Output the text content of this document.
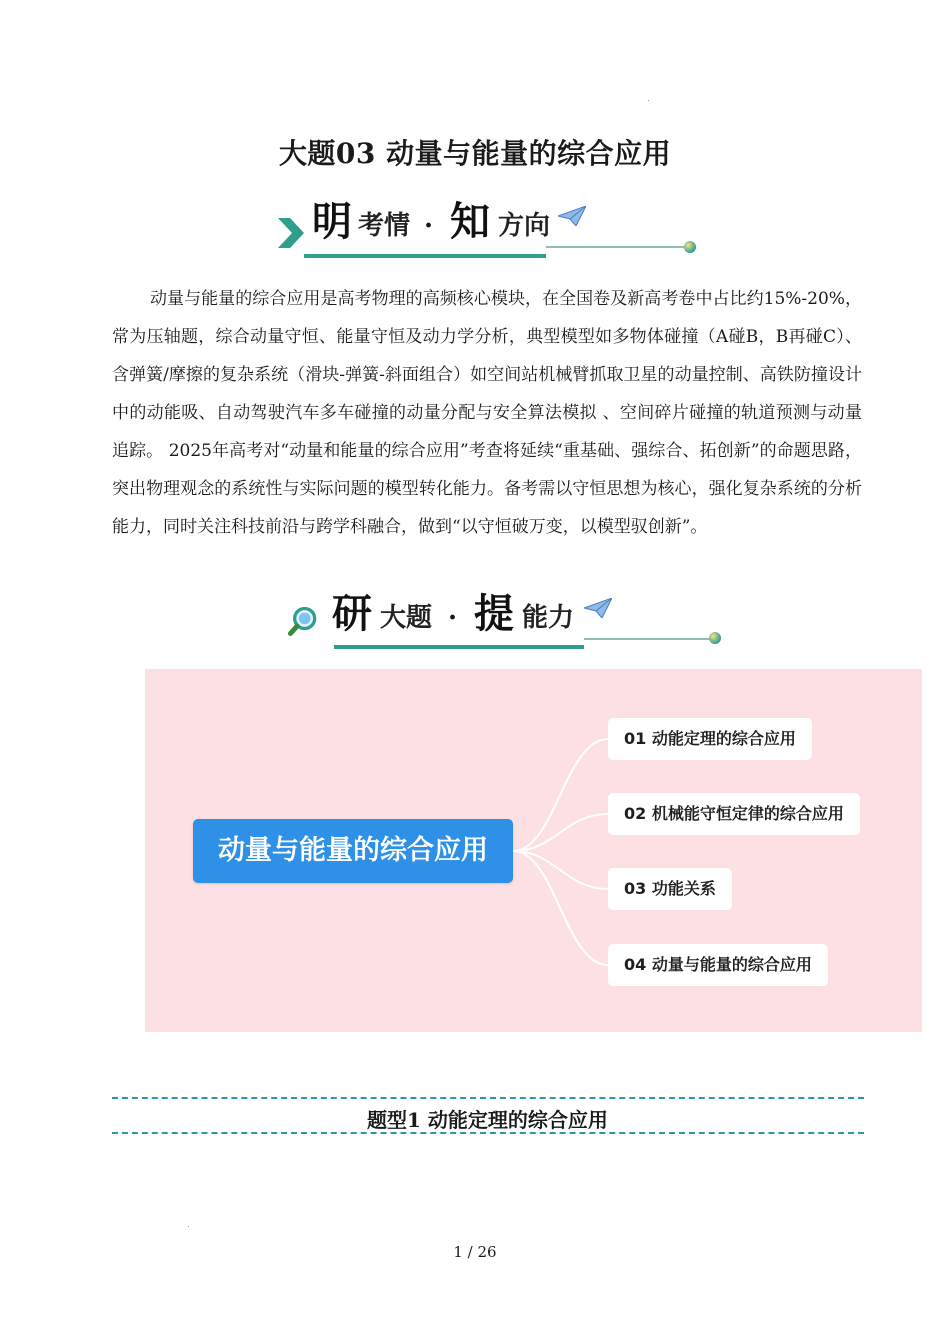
大题03 动量与能量的综合应用
明 考情 · 知 方向
动量与能量的综合应用是高考物理的高频核心模块，在全国卷及新高考卷中占比约15%-20%，常为压轴题，综合动量守恒、能量守恒及动力学分析，典型模型如多物体碰撞（A碰B，B再碰C）、含弹簧/摩擦的复杂系统（滑块-弹簧-斜面组合）如空间站机械臂抓取卫星的动量控制、高铁防撞设计中的动能吸、自动驾驶汽车多车碰撞的动量分配与安全算法模拟 、空间碎片碰撞的轨道预测与动量追踪。 2025年高考对“动量和能量的综合应用”考查将延续“重基础、强综合、拓创新”的命题思路，突出物理观念的系统性与实际问题的模型转化能力。备考需以守恒思想为核心，强化复杂系统的分析能力，同时关注科技前沿与跨学科融合，做到“以守恒破万变，以模型驭创新”。
研 大题 · 提 能力
动量与能量的综合应用
01 动能定理的综合应用
02 机械能守恒定律的综合应用
03 功能关系
04 动量与能量的综合应用
题型1 动能定理的综合应用
1 / 26
